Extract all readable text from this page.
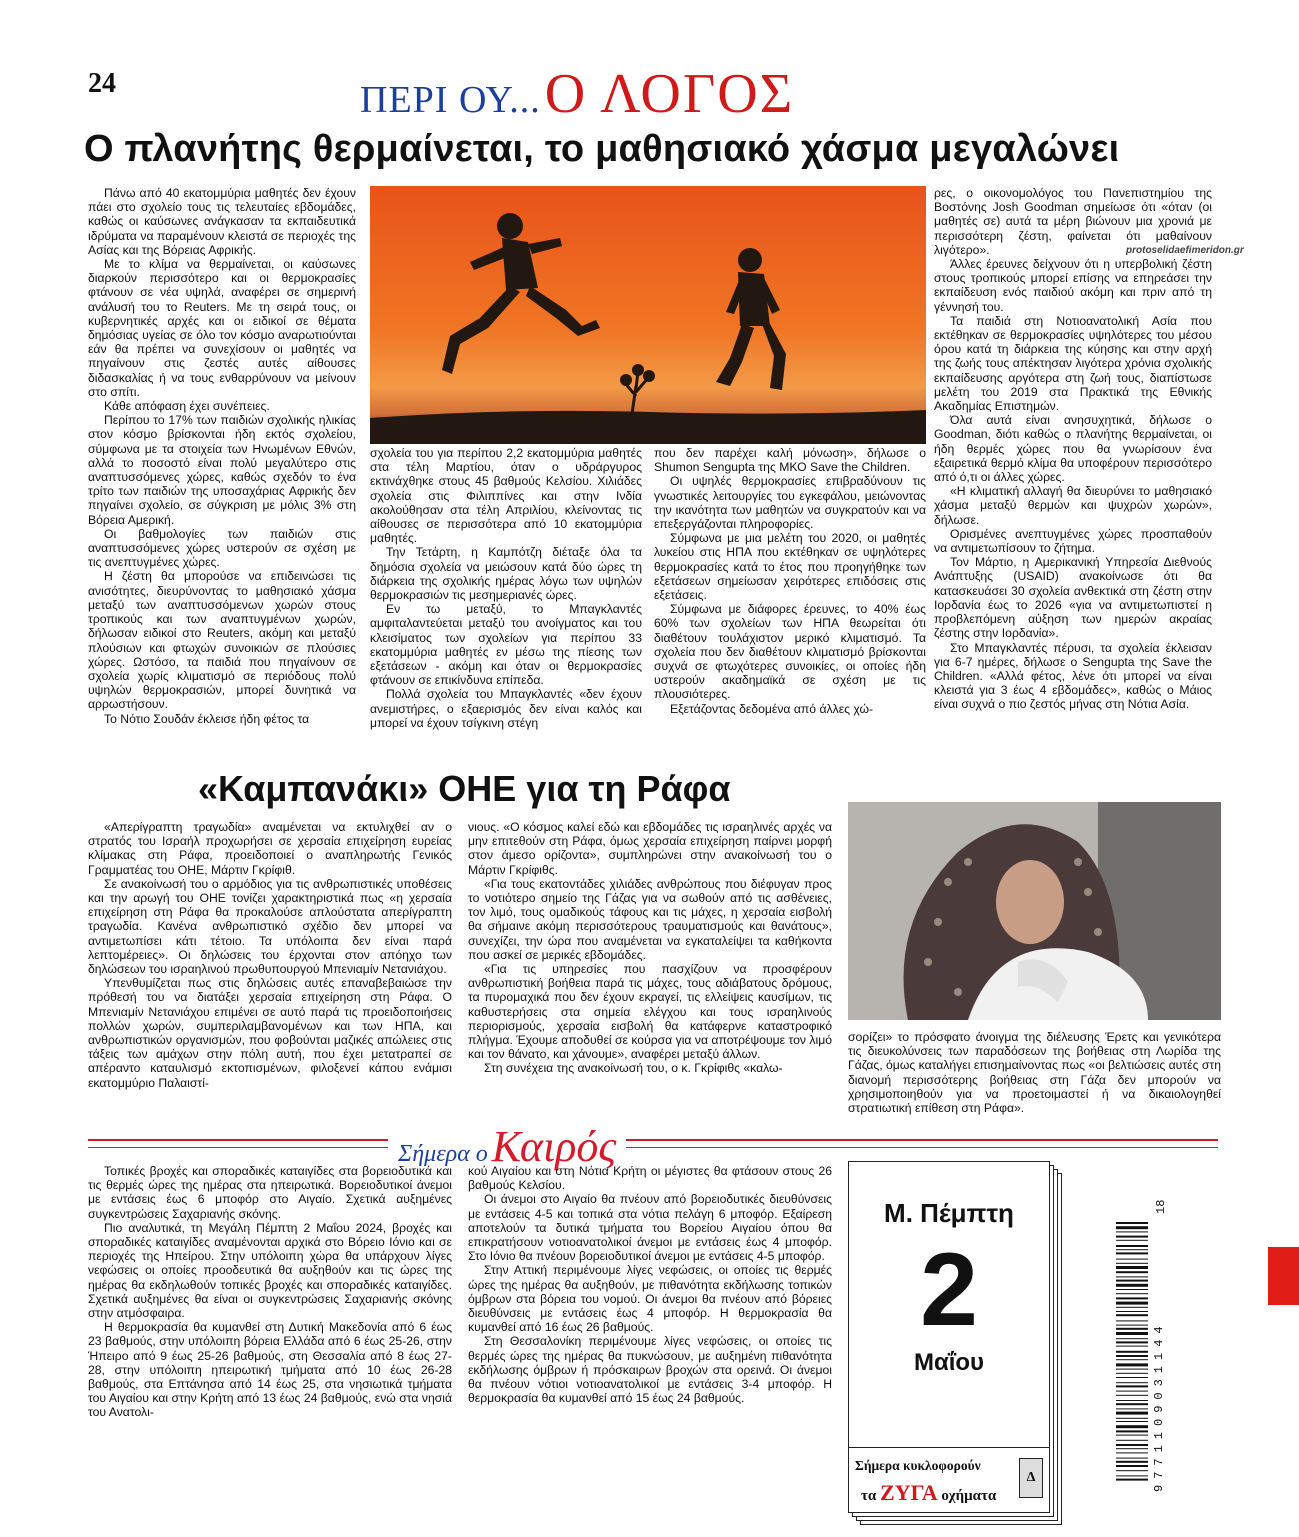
24	ΠΕΡΙ ΟΥ... Ο ΛΟΓΟΣ
Ο πλανήτης θερμαίνεται, το μαθησιακό χάσμα μεγαλώνει

Πάνω από 40 εκατομμύρια μαθητές δεν έχουν πάει στο σχολείο τους τις τελευταίες εβδομάδες, καθώς οι καύσωνες ανάγκασαν τα εκπαιδευτικά ιδρύματα να παραμένουν κλειστά σε περιοχές της Ασίας και της Βόρειας Αφρικής.

Με το κλίμα να θερμαίνεται, οι καύσωνες διαρκούν περισσότερο και οι θερμοκρασίες φτάνουν σε νέα υψηλά, αναφέρει σε σημερινή ανάλυσή του το Reuters. Με τη σειρά τους, οι κυβερνητικές αρχές και οι ειδικοί σε θέματα δημόσιας υγείας σε όλο τον κόσμο αναρωτιούνται εάν θα πρέπει να συνεχίσουν οι μαθητές να πηγαίνουν στις ζεστές αυτές αίθουσες διδασκαλίας ή να τους ενθαρρύνουν να μείνουν στο σπίτι.

Κάθε απόφαση έχει συνέπειες.

Περίπου το 17% των παιδιών σχολικής ηλικίας στον κόσμο βρίσκονται ήδη εκτός σχολείου, σύμφωνα με τα στοιχεία των Ηνωμένων Εθνών, αλλά το ποσοστό είναι πολύ μεγαλύτερο στις αναπτυσσόμενες χώρες, καθώς σχεδόν το ένα τρίτο των παιδιών της υποσαχάριας Αφρικής δεν πηγαίνει σχολείο, σε σύγκριση με μόλις 3% στη Βόρεια Αμερική.

Οι βαθμολογίες των παιδιών στις αναπτυσσόμενες χώρες υστερούν σε σχέση με τις ανεπτυγμένες χώρες.

Η ζέστη θα μπορούσε να επιδεινώσει τις ανισότητες, διευρύνοντας το μαθησιακό χάσμα μεταξύ των αναπτυσσόμενων χωρών στους τροπικούς και των αναπτυγμένων χωρών, δήλωσαν ειδικοί στο Reuters, ακόμη και μεταξύ πλούσιων και φτωχών συνοικιών σε πλούσιες χώρες. Ωστόσο, τα παιδιά που πηγαίνουν σε σχολεία χωρίς κλιματισμό σε περιόδους πολύ υψηλών θερμοκρασιών, μπορεί δυνητικά να αρρωστήσουν.

Το Νότιο Σουδάν έκλεισε ήδη φέτος τα

σχολεία του για περίπου 2,2 εκατομμύρια μαθητές στα τέλη Μαρτίου, όταν ο υδράργυρος εκτινάχθηκε στους 45 βαθμούς Κελσίου. Χιλιάδες σχολεία στις Φιλιππίνες και στην Ινδία ακολούθησαν στα τέλη Απριλίου, κλείνοντας τις αίθουσες σε περισσότερα από 10 εκατομμύρια μαθητές.

Την Τετάρτη, η Καμπότζη διέταξε όλα τα δημόσια σχολεία να μειώσουν κατά δύο ώρες τη διάρκεια της σχολικής ημέρας λόγω των υψηλών θερμοκρασιών τις μεσημεριανές ώρες.

Εν τω μεταξύ, το Μπαγκλαντές αμφιταλαντεύεται μεταξύ του ανοίγματος και του κλεισίματος των σχολείων για περίπου 33 εκατομμύρια μαθητές εν μέσω της πίεσης των εξετάσεων - ακόμη και όταν οι θερμοκρασίες φτάνουν σε επικίνδυνα επίπεδα.

Πολλά σχολεία του Μπαγκλαντές «δεν έχουν ανεμιστήρες, ο εξαερισμός δεν είναι καλός και μπορεί να έχουν τσίγκινη στέγη

που δεν παρέχει καλή μόνωση», δήλωσε ο Shumon Sengupta της ΜΚΟ Save the Children.

Οι υψηλές θερμοκρασίες επιβραδύνουν τις γνωστικές λειτουργίες του εγκεφάλου, μειώνοντας την ικανότητα των μαθητών να συγκρατούν και να επεξεργάζονται πληροφορίες.

Σύμφωνα με μια μελέτη του 2020, οι μαθητές λυκείου στις ΗΠΑ που εκτέθηκαν σε υψηλότερες θερμοκρασίες κατά το έτος που προηγήθηκε των εξετάσεων σημείωσαν χειρότερες επιδόσεις στις εξετάσεις.

Σύμφωνα με διάφορες έρευνες, το 40% έως 60% των σχολείων των ΗΠΑ θεωρείται ότι διαθέτουν τουλάχιστον μερικό κλιματισμό. Τα σχολεία που δεν διαθέτουν κλιματισμό βρίσκονται συχνά σε φτωχότερες συνοικίες, οι οποίες ήδη υστερούν ακαδημαϊκά σε σχέση με τις πλουσιότερες.

Εξετάζοντας δεδομένα από άλλες χώ-

ρες, ο οικονομολόγος του Πανεπιστημίου της Βοστόνης Josh Goodman σημείωσε ότι «όταν (οι μαθητές σε) αυτά τα μέρη βιώνουν μια χρονιά με περισσότερη ζέστη, φαίνεται ότι μαθαίνουν λιγότερο».

Άλλες έρευνες δείχνουν ότι η υπερβολική ζέστη στους τροπικούς μπορεί επίσης να επηρεάσει την εκπαίδευση ενός παιδιού ακόμη και πριν από τη γέννησή του.

Τα παιδιά στη Νοτιοανατολική Ασία που εκτέθηκαν σε θερμοκρασίες υψηλότερες του μέσου όρου κατά τη διάρκεια της κύησης και στην αρχή της ζωής τους απέκτησαν λιγότερα χρόνια σχολικής εκπαίδευσης αργότερα στη ζωή τους, διαπίστωσε μελέτη του 2019 στα Πρακτικά της Εθνικής Ακαδημίας Επιστημών.

Όλα αυτά είναι ανησυχητικά, δήλωσε ο Goodman, διότι καθώς ο πλανήτης θερμαίνεται, οι ήδη θερμές χώρες που θα γνωρίσουν ένα εξαιρετικά θερμό κλίμα θα υποφέρουν περισσότερο από ό,τι οι άλλες χώρες.

«Η κλιματική αλλαγή θα διευρύνει το μαθησιακό χάσμα μεταξύ θερμών και ψυχρών χωρών», δήλωσε.

Ορισμένες ανεπτυγμένες χώρες προσπαθούν να αντιμετωπίσουν το ζήτημα.

Τον Μάρτιο, η Αμερικανική Υπηρεσία Διεθνούς Ανάπτυξης (USAID) ανακοίνωσε ότι θα κατασκευάσει 30 σχολεία ανθεκτικά στη ζέστη στην Ιορδανία έως το 2026 «για να αντιμετωπιστεί η προβλεπόμενη αύξηση των ημερών ακραίας ζέστης στην Ιορδανία».

Στο Μπαγκλαντές πέρυσι, τα σχολεία έκλεισαν για 6-7 ημέρες, δήλωσε ο Sengupta της Save the Children. «Αλλά φέτος, λένε ότι μπορεί να είναι κλειστά για 3 έως 4 εβδομάδες», καθώς ο Μάιος είναι συχνά ο πιο ζεστός μήνας στη Νότια Ασία.

protoselidaefimeridon.gr
«Καμπανάκι» ΟΗΕ για τη Ράφα

«Απερίγραπτη τραγωδία» αναμένεται να εκτυλιχθεί αν ο στρατός του Ισραήλ προχωρήσει σε χερσαία επιχείρηση ευρείας κλίμακας στη Ράφα, προειδοποιεί ο αναπληρωτής Γενικός Γραμματέας του ΟΗΕ, Μάρτιν Γκρίφιθ.

Σε ανακοίνωσή του ο αρμόδιος για τις ανθρωπιστικές υποθέσεις και την αρωγή του ΟΗΕ τονίζει χαρακτηριστικά πως «η χερσαία επιχείρηση στη Ράφα θα προκαλούσε απλούστατα απερίγραπτη τραγωδία. Κανένα ανθρωπιστικό σχέδιο δεν μπορεί να αντιμετωπίσει κάτι τέτοιο. Τα υπόλοιπα δεν είναι παρά λεπτομέρειες». Οι δηλώσεις του έρχονται στον απόηχο των δηλώσεων του ισραηλινού πρωθυπουργού Μπενιαμίν Νετανιάχου.

Υπενθυμίζεται πως στις δηλώσεις αυτές επαναβεβαιώσε την πρόθεσή του να διατάξει χερσαία επιχείρηση στη Ράφα. Ο Μπενιαμίν Νετανιάχου επιμένει σε αυτό παρά τις προειδοποιήσεις πολλών χωρών, συμπεριλαμβανομένων και των ΗΠΑ, και ανθρωπιστικών οργανισμών, που φοβούνται μαζικές απώλειες στις τάξεις των αμάχων στην πόλη αυτή, που έχει μετατραπεί σε απέραντο καταυλισμό εκτοπισμένων, φιλοξενεί κάπου ενάμισι εκατομμύριο Παλαιστί-

νιους. «Ο κόσμος καλεί εδώ και εβδομάδες τις ισραηλινές αρχές να μην επιτεθούν στη Ράφα, όμως χερσαία επιχείρηση παίρνει μορφή στον άμεσο ορίζοντα», συμπληρώνει στην ανακοίνωσή του ο Μάρτιν Γκρίφιθς.

«Για τους εκατοντάδες χιλιάδες ανθρώπους που διέφυγαν προς το νοτιότερο σημείο της Γάζας για να σωθούν από τις ασθένειες, τον λιμό, τους ομαδικούς τάφους και τις μάχες, η χερσαία εισβολή θα σήμαινε ακόμη περισσότερους τραυματισμούς και θανάτους», συνεχίζει, την ώρα που αναμένεται να εγκαταλείψει τα καθήκοντα που ασκεί σε μερικές εβδομάδες.

«Για τις υπηρεσίες που πασχίζουν να προσφέρουν ανθρωπιστική βοήθεια παρά τις μάχες, τους αδιάβατους δρόμους, τα πυρομαχικά που δεν έχουν εκραγεί, τις ελλείψεις καυσίμων, τις καθυστερήσεις στα σημεία ελέγχου και τους ισραηλινούς περιορισμούς, χερσαία εισβολή θα κατάφερνε καταστροφικό πλήγμα. Έχουμε αποδυθεί σε κούρσα για να αποτρέψουμε τον λιμό και τον θάνατο, και χάνουμε», αναφέρει μεταξύ άλλων.

Στη συνέχεια της ανακοίνωσή του, ο κ. Γκρίφιθς «καλω-

σορίζει» το πρόσφατο άνοιγμα της διέλευσης Έρετς και γενικότερα τις διευκολύνσεις των παραδόσεων της βοήθειας στη Λωρίδα της Γάζας, όμως καταλήγει επισημαίνοντας πως «οι βελτιώσεις αυτές στη διανομή περισσότερης βοήθειας στη Γάζα δεν μπορούν να χρησιμοποιηθούν για να προετοιμαστεί ή να δικαιολογηθεί στρατιωτική επίθεση στη Ράφα».

Σήμερα ο Καιρός

Τοπικές βροχές και σποραδικές καταιγίδες στα βορειοδυτικά και τις θερμές ώρες της ημέρας στα ηπειρωτικά. Βορειοδυτικοί άνεμοι με εντάσεις έως 6 μποφόρ στο Αιγαίο. Σχετικά αυξημένες συγκεντρώσεις Σαχαριανής σκόνης.

Πιο αναλυτικά, τη Μεγάλη Πέμπτη 2 Μαΐου 2024, βροχές και σποραδικές καταιγίδες αναμένονται αρχικά στο Βόρειο Ιόνιο και σε περιοχές της Ηπείρου. Στην υπόλοιπη χώρα θα υπάρχουν λίγες νεφώσεις οι οποίες προοδευτικά θα αυξηθούν και τις ώρες της ημέρας θα εκδηλωθούν τοπικές βροχές και σποραδικές καταιγίδες. Σχετικά αυξημένες θα είναι οι συγκεντρώσεις Σαχαριανής σκόνης στην ατμόσφαιρα.

Η θερμοκρασία θα κυμανθεί στη Δυτική Μακεδονία από 6 έως 23 βαθμούς, στην υπόλοιπη βόρεια Ελλάδα από 6 έως 25-26, στην Ήπειρο από 9 έως 25-26 βαθμούς, στη Θεσσαλία από 8 έως 27-28, στην υπόλοιπη ηπειρωτική τμήματα από 10 έως 26-28 βαθμούς, στα Επτάνησα από 14 έως 25, στα νησιωτικά τμήματα του Αιγαίου και στην Κρήτη από 13 έως 24 βαθμούς, ενώ στα νησιά του Ανατολι-

κού Αιγαίου και στη Νότια Κρήτη οι μέγιστες θα φτάσουν στους 26 βαθμούς Κελσίου.

Οι άνεμοι στο Αιγαίο θα πνέουν από βορειοδυτικές διευθύνσεις με εντάσεις 4-5 και τοπικά στα νότια πελάγη 6 μποφόρ. Εξαίρεση αποτελούν τα δυτικά τμήματα του Βορείου Αιγαίου όπου θα επικρατήσουν νοτιοανατολικοί άνεμοι με εντάσεις έως 4 μποφόρ. Στο Ιόνιο θα πνέουν βορειοδυτικοί άνεμοι με εντάσεις 4-5 μποφόρ.

Στην Αττική περιμένουμε λίγες νεφώσεις, οι οποίες τις θερμές ώρες της ημέρας θα αυξηθούν, με πιθανότητα εκδήλωσης τοπικών όμβρων στα βόρεια του νομού. Οι άνεμοι θα πνέουν από βόρειες διευθύνσεις με εντάσεις έως 4 μποφόρ. Η θερμοκρασία θα κυμανθεί από 16 έως 26 βαθμούς.

Στη Θεσσαλονίκη περιμένουμε λίγες νεφώσεις, οι οποίες τις θερμές ώρες της ημέρας θα πυκνώσουν, με αυξημένη πιθανότητα εκδήλωσης όμβρων ή πρόσκαιρων βροχών στα ορεινά. Οι άνεμοι θα πνέουν νότιοι νοτιοανατολικοί με εντάσεις 3-4 μποφόρ. Η θερμοκρασία θα κυμανθεί από 15 έως 24 βαθμούς.

Μ. Πέμπτη
2
Μαΐου
Σήμερα κυκλοφορούν
τα ΖΥΓΑ οχήματα
Δ	9771109031144
18
